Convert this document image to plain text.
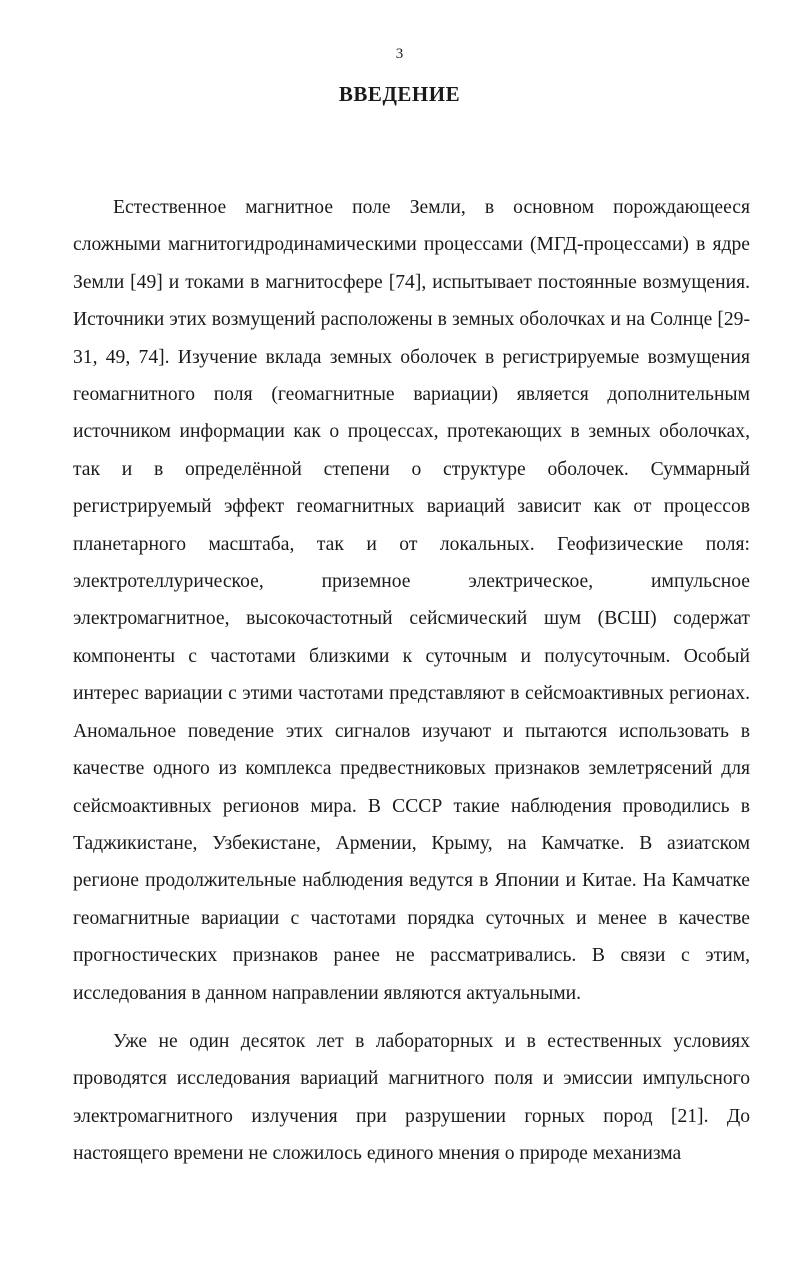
3
ВВЕДЕНИЕ

Естественное магнитное поле Земли, в основном порождающееся сложными магнитогидродинамическими процессами (МГД-процессами) в ядре Земли [49] и токами в магнитосфере [74], испытывает постоянные возмущения. Источники этих возмущений расположены в земных оболочках и на Солнце [29-31, 49, 74]. Изучение вклада земных оболочек в регистрируемые возмущения геомагнитного поля (геомагнитные вариации) является дополнительным источником информации как о процессах, протекающих в земных оболочках, так и в определённой степени о структуре оболочек. Суммарный регистрируемый эффект геомагнитных вариаций зависит как от процессов планетарного масштаба, так и от локальных. Геофизические поля: электротеллурическое, приземное электрическое, импульсное электромагнитное, высокочастотный сейсмический шум (ВСШ) содержат компоненты с частотами близкими к суточным и полусуточным. Особый интерес вариации с этими частотами представляют в сейсмоактивных регионах. Аномальное поведение этих сигналов изучают и пытаются использовать в качестве одного из комплекса предвестниковых признаков землетрясений для сейсмоактивных регионов мира. В СССР такие наблюдения проводились в Таджикистане, Узбекистане, Армении, Крыму, на Камчатке. В азиатском регионе продолжительные наблюдения ведутся в Японии и Китае. На Камчатке геомагнитные вариации с частотами порядка суточных и менее в качестве прогностических признаков ранее не рассматривались. В связи с этим, исследования в данном направлении являются актуальными.

Уже не один десяток лет в лабораторных и в естественных условиях проводятся исследования вариаций магнитного поля и эмиссии импульсного электромагнитного излучения при разрушении горных пород [21]. До настоящего времени не сложилось единого мнения о природе механизма
